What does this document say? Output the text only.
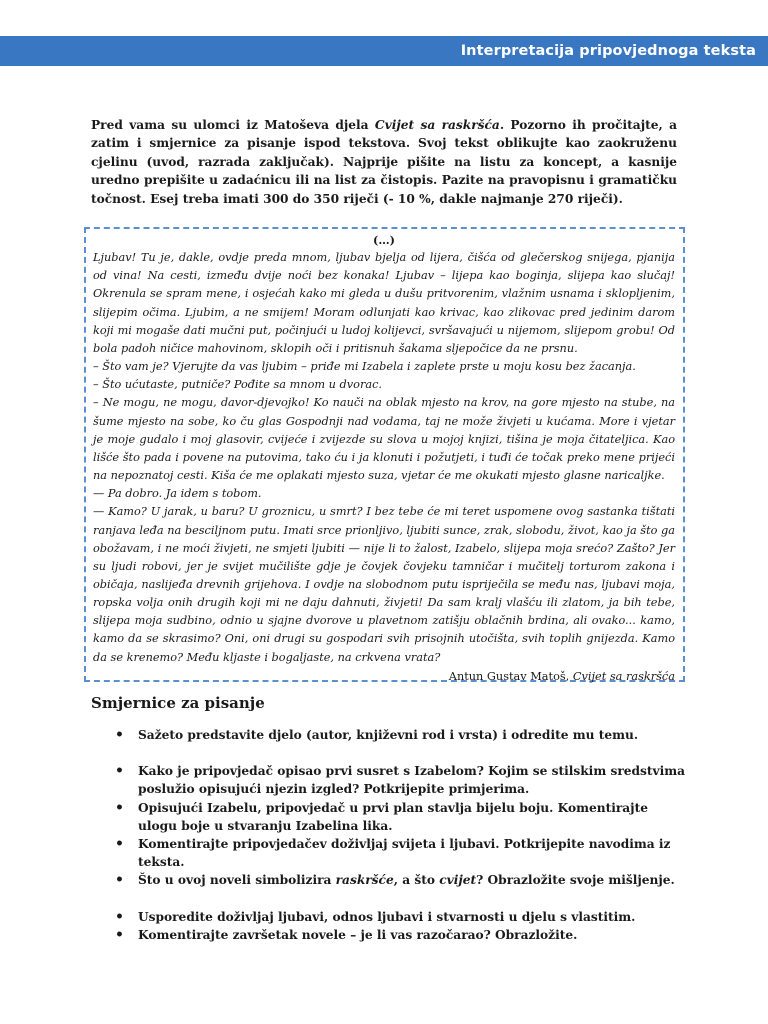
Interpretacija pripovjednoga teksta
Pred vama su ulomci iz Matoševa djela Cvijet sa raskršća. Pozorno ih pročitajte, a zatim i smjernice za pisanje ispod tekstova. Svoj tekst oblikujte kao zaokruženu cjelinu (uvod, razrada zaključak). Najprije pišite na listu za koncept, a kasnije uredno prepišite u zadaćnicu ili na list za čistopis. Pazite na pravopisnu i gramatičku točnost. Esej treba imati 300 do 350 riječi (- 10 %, dakle najmanje 270 riječi).
(…)

Ljubav! Tu je, dakle, ovdje preda mnom, ljubav bjelja od lijera, čišća od glečerskog snijega, pjanija od vina! Na cesti, između dvije noći bez konaka! Ljubav – lijepa kao boginja, slijepa kao slučaj! Okrenula se spram mene, i osjećah kako mi gleda u dušu pritvorenim, vlažnim usnama i sklopljenim, slijepim očima. Ljubim, a ne smijem! Moram odlunjati kao krivac, kao zlikovac pred jedinim darom koji mi mogaše dati mučni put, počinjući u ludoj kolijevci, svršavajući u nijemom, slijepom grobu! Od bola padoh ničice mahovinom, sklopih oči i pritisnuh šakama sljepočice da ne prsnu.

– Što vam je? Vjerujte da vas ljubim – priđe mi Izabela i zaplete prste u moju kosu bez žacanja.

– Što ućutaste, putniče? Pođite sa mnom u dvorac.

– Ne mogu, ne mogu, davor-djevojko! Ko nauči na oblak mjesto na krov, na gore mjesto na stube, na šume mjesto na sobe, ko ču glas Gospodnji nad vodama, taj ne može živjeti u kućama. More i vjetar je moje gudalo i moj glasovir, cvijeće i zvijezde su slova u mojoj knjizi, tišina je moja čitateljica. Kao lišće što pada i povene na putovima, tako ću i ja klonuti i požutjeti, i tuđi će točak preko mene prijeći na nepoznatoj cesti. Kiša će me oplakati mjesto suza, vjetar će me okukati mjesto glasne naricaljke.

— Pa dobro. Ja idem s tobom.

— Kamo? U jarak, u baru? U groznicu, u smrt? I bez tebe će mi teret uspomene ovog sastanka tištati ranjava leđa na besciljnom putu. Imati srce prionljivo, ljubiti sunce, zrak, slobodu, život, kao ja što ga obožavam, i ne moći živjeti, ne smjeti ljubiti — nije li to žalost, Izabelo, slijepa moja srećo? Zašto? Jer su ljudi robovi, jer je svijet mučilište gdje je čovjek čovjeku tamničar i mučitelj torturom zakona i običaja, naslijeđa drevnih grijehova. I ovdje na slobodnom putu ispriječila se među nas, ljubavi moja, ropska volja onih drugih koji mi ne daju dahnuti, živjeti! Da sam kralj vlašću ili zlatom, ja bih tebe, slijepa moja sudbino, odnio u sjajne dvorove u plavetnom zatišju oblačnih brdina, ali ovako... kamo, kamo da se skrasimo? Oni, oni drugi su gospodari svih prisojnih utočišta, svih toplih gnijezda. Kamo da se krenemo? Među kljaste i bogaljaste, na crkvena vrata?

Antun Gustav Matoš, Cvijet sa raskršća
Smjernice za pisanje
• Sažeto predstavite djelo (autor, književni rod i vrsta) i odredite mu temu.
• Kako je pripovjedač opisao prvi susret s Izabelom? Kojim se stilskim sredstvima poslužio opisujući njezin izgled? Potkrijepite primjerima.
• Opisujući Izabelu, pripovjedač u prvi plan stavlja bijelu boju. Komentirajte ulogu boje u stvaranju Izabelina lika.
• Komentirajte pripovjedačev doživljaj svijeta i ljubavi. Potkrijepite navodima iz teksta.
• Što u ovoj noveli simbolizira raskršće, a što cvijet? Obrazložite svoje mišljenje.
• Usporedite doživljaj ljubavi, odnos ljubavi i stvarnosti u djelu s vlastitim.
• Komentirajte završetak novele – je li vas razočarao? Obrazložite.
